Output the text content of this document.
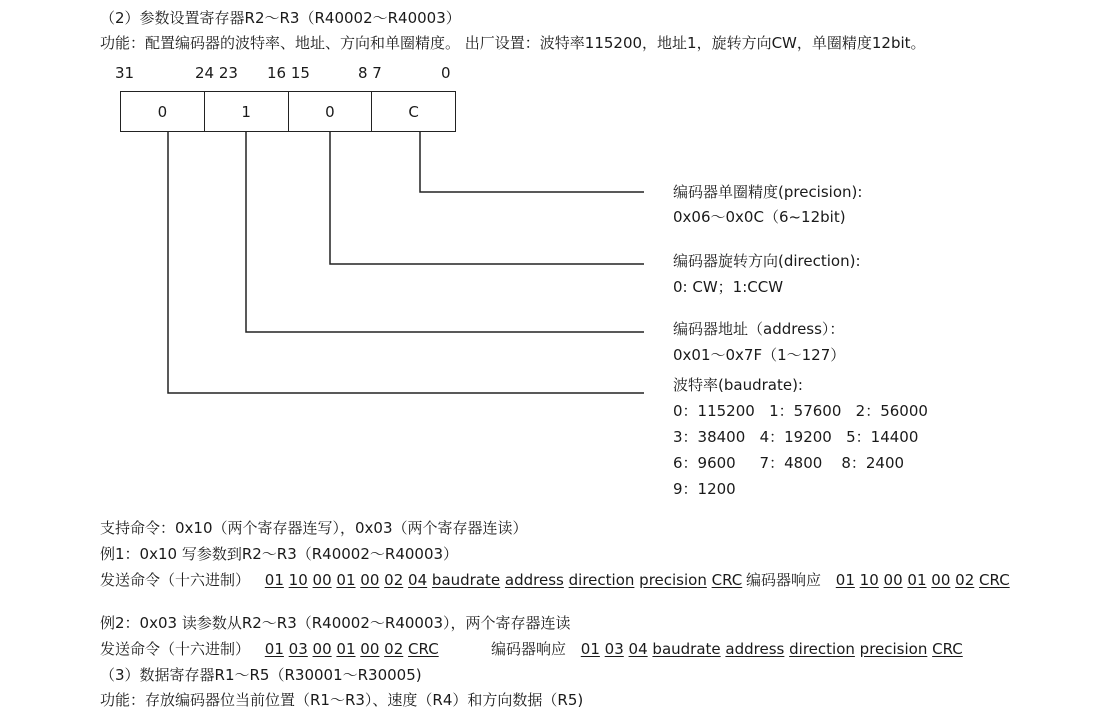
（2）参数设置寄存器R2～R3（R40002～R40003）
功能：配置编码器的波特率、地址、方向和单圈精度。 出厂设置：波特率115200，地址1，旋转方向CW，单圈精度12bit。
31	24 23 16 15	8 7	0
0	1	0	C
编码器单圈精度(precision):
0x06～0x0C（6~12bit)
编码器旋转方向(direction):
0: CW；1:CCW
编码器地址（address）：
0x01～0x7F（1～127）
波特率(baudrate):
0：115200   1：57600   2：56000
3：38400   4：19200   5：14400
6：9600     7：4800    8：2400
9：1200
支持命令：0x10（两个寄存器连写），0x03（两个寄存器连读）
例1：0x10 写参数到R2～R3（R40002～R40003）
发送命令（十六进制） 01 10 00 01 00 02 04 baudrate address direction precision CRC 编码器响应 01 10 00 01 00 02 CRC
例2：0x03 读参数从R2～R3（R40002～R40003），两个寄存器连读
发送命令（十六进制） 01 03 00 01 00 02 CRC	编码器响应 01 03 04 baudrate address direction precision CRC
（3）数据寄存器R1～R5（R30001～R30005)
功能：存放编码器位当前位置（R1～R3）、速度（R4）和方向数据（R5)
